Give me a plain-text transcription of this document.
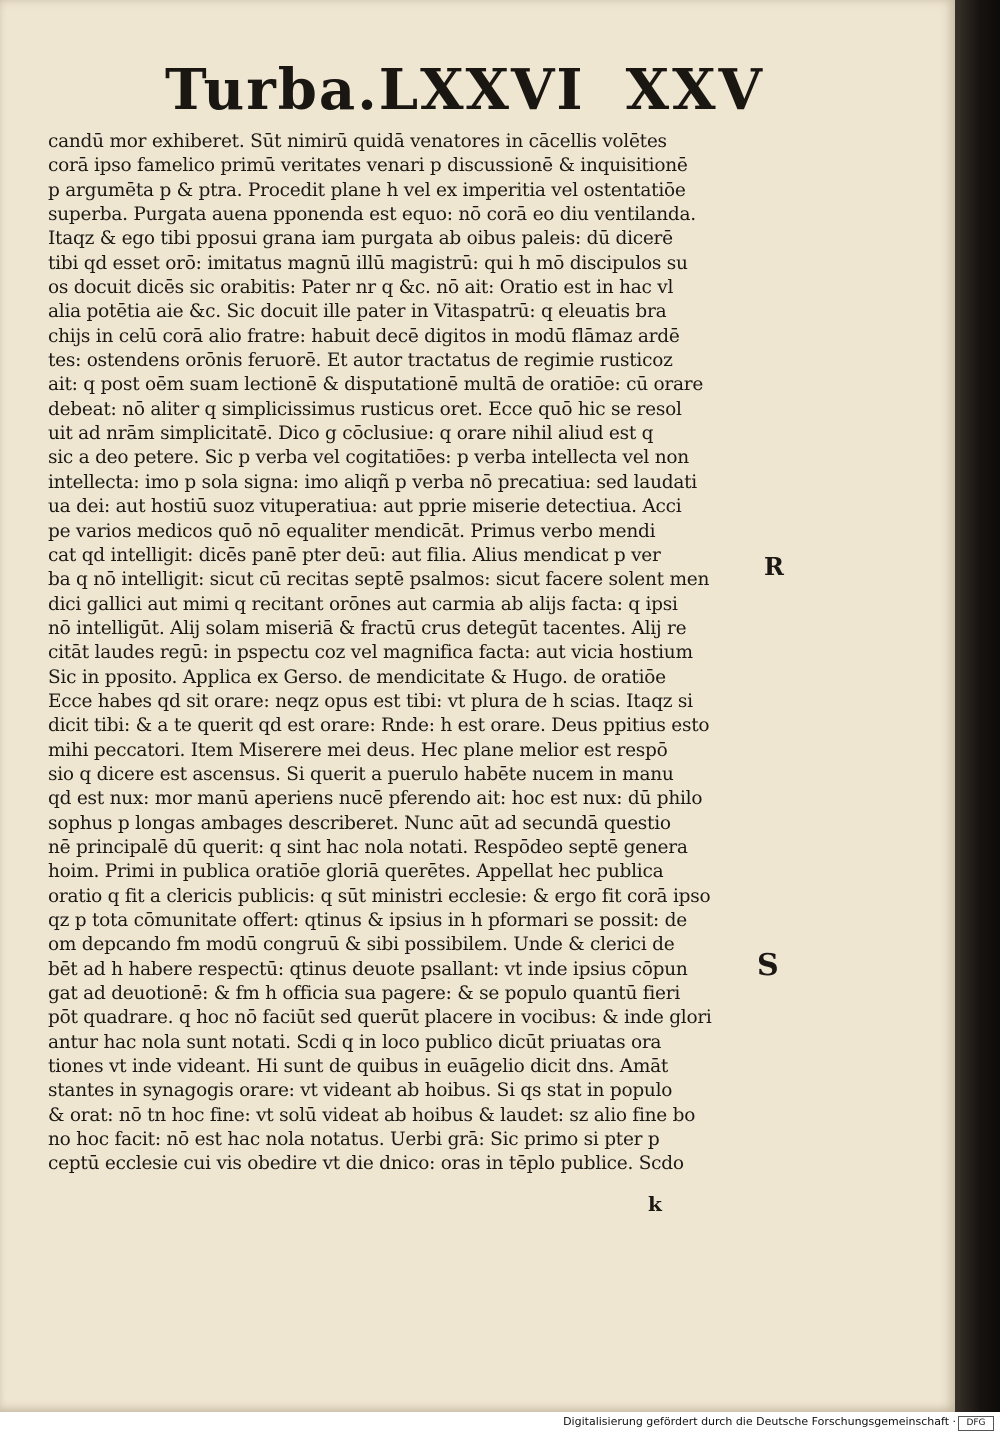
Turba.LXXVI XXV
candū mor exhiberet. Sūt nimirū quidā venatores in cācellis volētes
corā ipso famelico primū veritates venari p discussionē & inquisitionē
p argumēta p & ptra. Procedit plane h vel ex imperitia vel ostentatiōe
superba. Purgata auena pponenda est equo: nō corā eo diu ventilanda.
Itaqz & ego tibi pposui grana iam purgata ab oibus paleis: dū dicerē
tibi qd esset orō: imitatus magnū illū magistrū: qui h mō discipulos su
os docuit dicēs sic orabitis: Pater nr q &c. nō ait: Oratio est in hac vl
alia potētia aie &c. Sic docuit ille pater in Vitaspatrū: q eleuatis bra
chijs in celū corā alio fratre: habuit decē digitos in modū flāmaz ardē
tes: ostendens orōnis feruorē. Et autor tractatus de regimie rusticoz
ait: q post oēm suam lectionē & disputationē multā de oratiōe: cū orare
debeat: nō aliter q simplicissimus rusticus oret. Ecce quō hic se resol
uit ad nrām simplicitatē. Dico g cōclusiue: q orare nihil aliud est q
sic a deo petere. Sic p verba vel cogitatiōes: p verba intellecta vel non
intellecta: imo p sola signa: imo aliqñ p verba nō precatiua: sed laudati
ua dei: aut hostiū suoz vituperatiua: aut pprie miserie detectiua. Acci
pe varios medicos quō nō equaliter mendicāt. Primus verbo mendi
cat qd intelligit: dicēs panē pter deū: aut filia. Alius mendicat p ver
ba q nō intelligit: sicut cū recitas septē psalmos: sicut facere solent men
dici gallici aut mimi q recitant orōnes aut carmia ab alijs facta: q ipsi
nō intelligūt. Alij solam miseriā & fractū crus detegūt tacentes. Alij re
citāt laudes regū: in pspectu coz vel magnifica facta: aut vicia hostium
Sic in pposito. Applica ex Gerso. de mendicitate & Hugo. de oratiōe
Ecce habes qd sit orare: neqz opus est tibi: vt plura de h scias. Itaqz si
dicit tibi: & a te querit qd est orare: Rnde: h est orare. Deus ppitius esto
mihi peccatori. Item Miserere mei deus. Hec plane melior est respō
sio q dicere est ascensus. Si querit a puerulo habēte nucem in manu
qd est nux: mor manū aperiens nucē pferendo ait: hoc est nux: dū philo
sophus p longas ambages describeret. Nunc aūt ad secundā questio
nē principalē dū querit: q sint hac nola notati. Respōdeo septē genera
hoim. Primi in publica oratiōe gloriā querētes. Appellat hec publica
oratio q fit a clericis publicis: q sūt ministri ecclesie: & ergo fit corā ipso
qz p tota cōmunitate offert: qtinus & ipsius in h pformari se possit: de
om depcando fm modū congruū & sibi possibilem. Unde & clerici de
bēt ad h habere respectū: qtinus deuote psallant: vt inde ipsius cōpun
gat ad deuotionē: & fm h officia sua pagere: & se populo quantū fieri
pōt quadrare. q hoc nō faciūt sed querūt placere in vocibus: & inde glori
antur hac nola sunt notati. Scdi q in loco publico dicūt priuatas ora
tiones vt inde videant. Hi sunt de quibus in euāgelio dicit dns. Amāt
stantes in synagogis orare: vt videant ab hoibus. Si qs stat in populo
& orat: nō tn hoc fine: vt solū videat ab hoibus & laudet: sz alio fine bo
no hoc facit: nō est hac nola notatus. Uerbi grā: Sic primo si pter p
ceptū ecclesie cui vis obedire vt die dnico: oras in tēplo publice. Scdo
R
S
k
Digitalisierung gefördert durch die Deutsche Forschungsgemeinschaft ·	DFG
